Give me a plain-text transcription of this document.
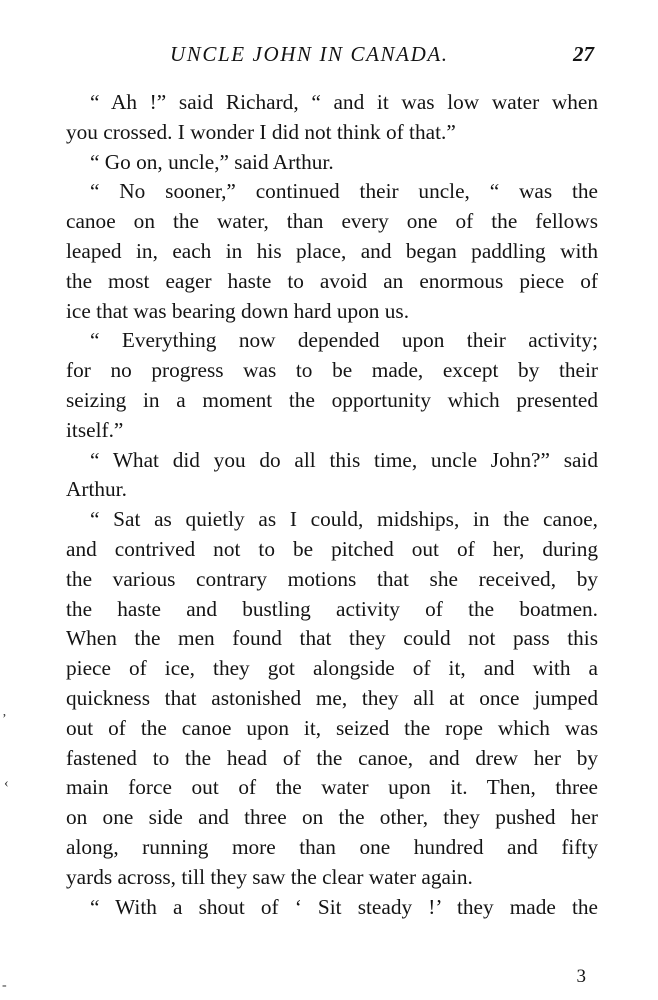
UNCLE JOHN IN CANADA.	27

“ Ah !” said Richard, “ and it was low water when

you crossed. I wonder I did not think of that.”

“ Go on, uncle,” said Arthur.

“ No sooner,” continued their uncle, “ was the

canoe on the water, than every one of the fellows

leaped in, each in his place, and began paddling with

the most eager haste to avoid an enormous piece of

ice that was bearing down hard upon us.

“ Everything now depended upon their activity;

for no progress was to be made, except by their

seizing in a moment the opportunity which presented

itself.”

“ What did you do all this time, uncle John?” said

Arthur.

“ Sat as quietly as I could, midships, in the canoe,

and contrived not to be pitched out of her, during

the various contrary motions that she received, by

the haste and bustling activity of the boatmen.

When the men found that they could not pass this

piece of ice, they got alongside of it, and with a

quickness that astonished me, they all at once jumped

out of the canoe upon it, seized the rope which was

fastened to the head of the canoe, and drew her by

main force out of the water upon it. Then, three

on one side and three on the other, they pushed her

along, running more than one hundred and fifty

yards across, till they saw the clear water again.

“ With a shout of ‘ Sit steady !’ they made the

3
’
‹
-
